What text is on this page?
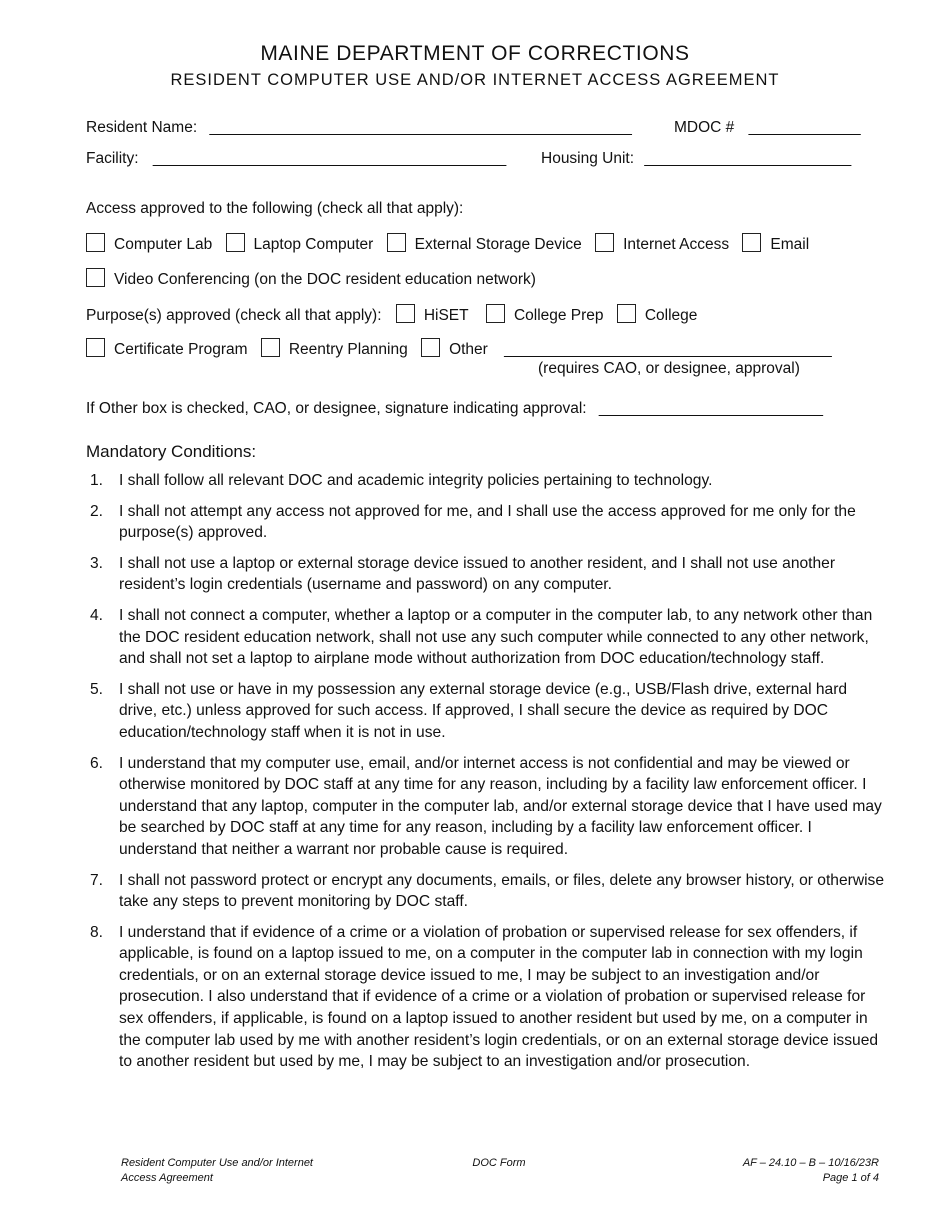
MAINE DEPARTMENT OF CORRECTIONS
RESIDENT COMPUTER USE AND/OR INTERNET ACCESS AGREEMENT
Resident Name: _________________________________________________	MDOC # _____________
Facility: _________________________________________ Housing Unit: ________________________
Access approved to the following (check all that apply):
Computer Lab	Laptop Computer	External Storage Device	Internet Access	Email
Video Conferencing (on the DOC resident education network)
Purpose(s) approved (check all that apply):	HiSET	College Prep	College
Certificate Program	Reentry Planning	Other ______________________________________
(requires CAO, or designee, approval)
If Other box is checked, CAO, or designee, signature indicating approval: __________________________
Mandatory Conditions:
1. I shall follow all relevant DOC and academic integrity policies pertaining to technology.
2. I shall not attempt any access not approved for me, and I shall use the access approved for me only for the purpose(s) approved.
3. I shall not use a laptop or external storage device issued to another resident, and I shall not use another resident’s login credentials (username and password) on any computer.
4. I shall not connect a computer, whether a laptop or a computer in the computer lab, to any network other than the DOC resident education network, shall not use any such computer while connected to any other network, and shall not set a laptop to airplane mode without authorization from DOC education/technology staff.
5. I shall not use or have in my possession any external storage device (e.g., USB/Flash drive, external hard drive, etc.) unless approved for such access. If approved, I shall secure the device as required by DOC education/technology staff when it is not in use.
6. I understand that my computer use, email, and/or internet access is not confidential and may be viewed or otherwise monitored by DOC staff at any time for any reason, including by a facility law enforcement officer. I understand that any laptop, computer in the computer lab, and/or external storage device that I have used may be searched by DOC staff at any time for any reason, including by a facility law enforcement officer. I understand that neither a warrant nor probable cause is required.
7. I shall not password protect or encrypt any documents, emails, or files, delete any browser history, or otherwise take any steps to prevent monitoring by DOC staff.
8. I understand that if evidence of a crime or a violation of probation or supervised release for sex offenders, if applicable, is found on a laptop issued to me, on a computer in the computer lab in connection with my login credentials, or on an external storage device issued to me, I may be subject to an investigation and/or prosecution. I also understand that if evidence of a crime or a violation of probation or supervised release for sex offenders, if applicable, is found on a laptop issued to another resident but used by me, on a computer in the computer lab used by me with another resident’s login credentials, or on an external storage device issued to another resident but used by me, I may be subject to an investigation and/or prosecution.
Resident Computer Use and/or Internet
Access Agreement
DOC Form	AF – 24.10 – B – 10/16/23R
Page 1 of 4
